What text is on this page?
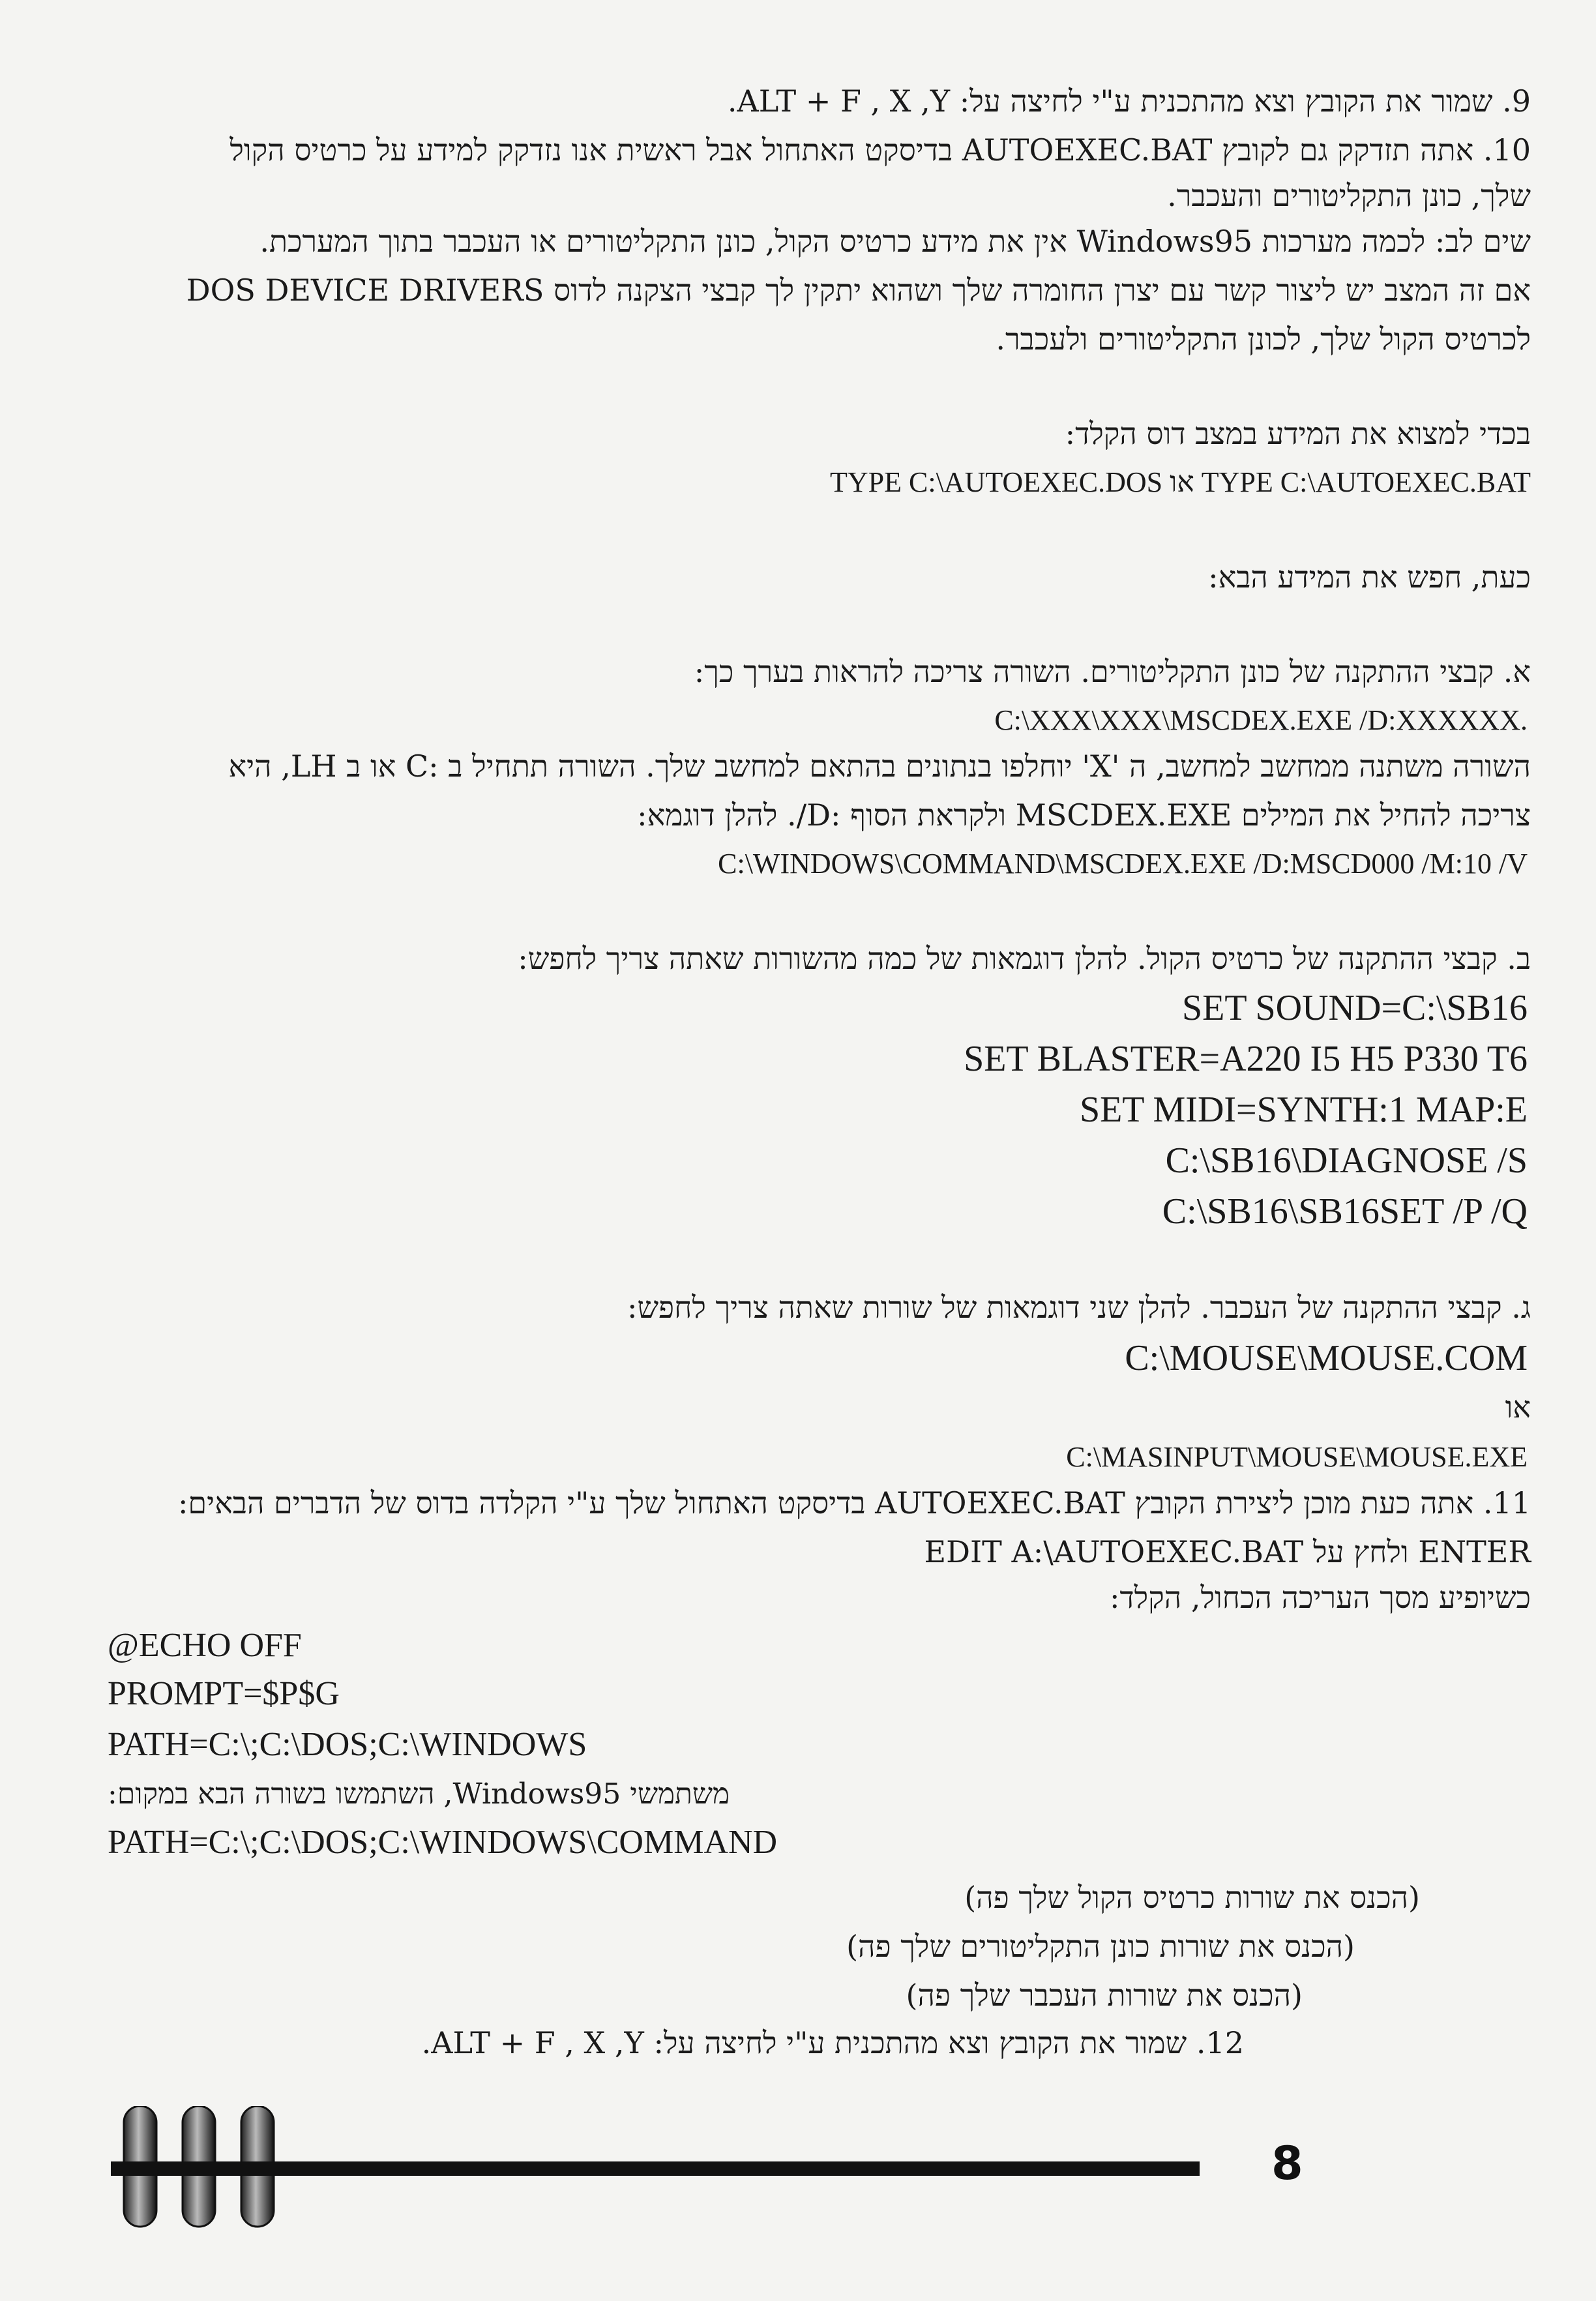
9. שמור את הקובץ וצא מהתכנית ע"י לחיצה על: ALT + F , X ,Y.
10. אתה תזדקק גם לקובץ AUTOEXEC.BAT בדיסקט האתחול אבל ראשית אנו נזדקק למידע על כרטיס הקול
שלך, כונן התקליטורים והעכבר.
שים לב: לכמה מערכות Windows95 אין את מידע כרטיס הקול, כונן התקליטורים או העכבר בתוך המערכת.
אם זה המצב יש ליצור קשר עם יצרן החומרה שלך ושהוא יתקין לך קבצי הצקנה לדוס DOS DEVICE DRIVERS
לכרטיס הקול שלך, לכונן התקליטורים ולעכבר.
בכדי למצוא את המידע במצב דוס הקלד:
TYPE C:\AUTOEXEC.DOS או TYPE C:\AUTOEXEC.BAT
כעת, חפש את המידע הבא:
א. קבצי ההתקנה של כונן התקליטורים. השורה צריכה להראות בערך כך:
C:\XXX\XXX\MSCDEX.EXE /D:XXXXXX.
השורה משתנה ממחשב למחשב, ה 'X' יוחלפו בנתונים בהתאם למחשב שלך. השורה תתחיל ב :C או ב LH, היא
צריכה להחיל את המילים MSCDEX.EXE ולקראת הסוף :D/. להלן דוגמא:
C:\WINDOWS\COMMAND\MSCDEX.EXE /D:MSCD000 /M:10 /V
ב. קבצי ההתקנה של כרטיס הקול. להלן דוגמאות של כמה מהשורות שאתה צריך לחפש:
SET SOUND=C:\SB16
SET BLASTER=A220 I5 H5 P330 T6
SET MIDI=SYNTH:1 MAP:E
C:\SB16\DIAGNOSE /S
C:\SB16\SB16SET /P /Q
ג. קבצי ההתקנה של העכבר. להלן שני דוגמאות של שורות שאתה צריך לחפש:
C:\MOUSE\MOUSE.COM
או
C:\MASINPUT\MOUSE\MOUSE.EXE
11. אתה כעת מוכן ליצירת הקובץ AUTOEXEC.BAT בדיסקט האתחול שלך ע"י הקלדה בדוס של הדברים הבאים:
EDIT A:\AUTOEXEC.BAT ולחץ על ENTER
כשיופיע מסך העריכה הכחול, הקלד:
@ECHO OFF
PROMPT=$P$G
PATH=C:\;C:\DOS;C:\WINDOWS
משתמשי Windows95, השתמשו בשורה הבא במקום:
PATH=C:\;C:\DOS;C:\WINDOWS\COMMAND
(הכנס את שורות כרטיס הקול שלך פה)
(הכנס את שורות כונן התקליטורים שלך פה)
(הכנס את שורות העכבר שלך פה)
12. שמור את הקובץ וצא מהתכנית ע"י לחיצה על: ALT + F , X ,Y.
8
